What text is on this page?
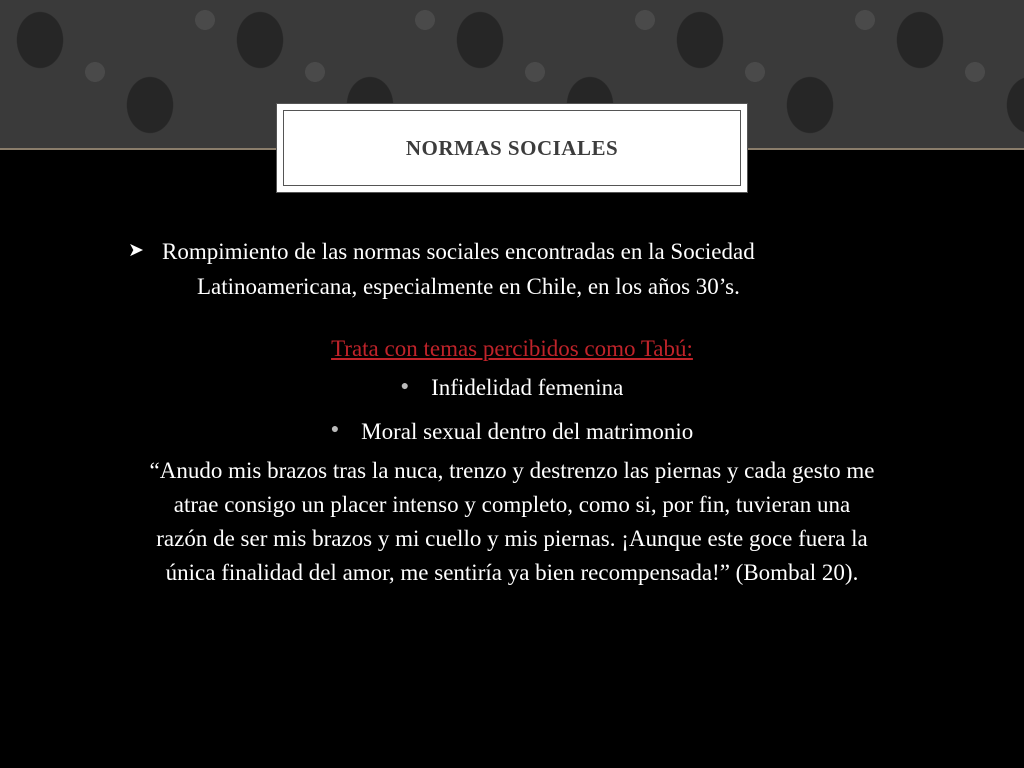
NORMAS SOCIALES
➤ Rompimiento de las normas sociales encontradas en la Sociedad
Latinoamericana, especialmente en Chile, en los años 30’s.
Trata con temas percibidos como Tabú:
● Infidelidad femenina
● Moral sexual dentro del matrimonio
“Anudo mis brazos tras la nuca, trenzo y destrenzo las piernas y cada gesto me
atrae consigo un placer intenso y completo, como si, por fin, tuvieran una
razón de ser mis brazos y mi cuello y mis piernas. ¡Aunque este goce fuera la
única finalidad del amor, me sentiría ya bien recompensada!” (Bombal 20).
